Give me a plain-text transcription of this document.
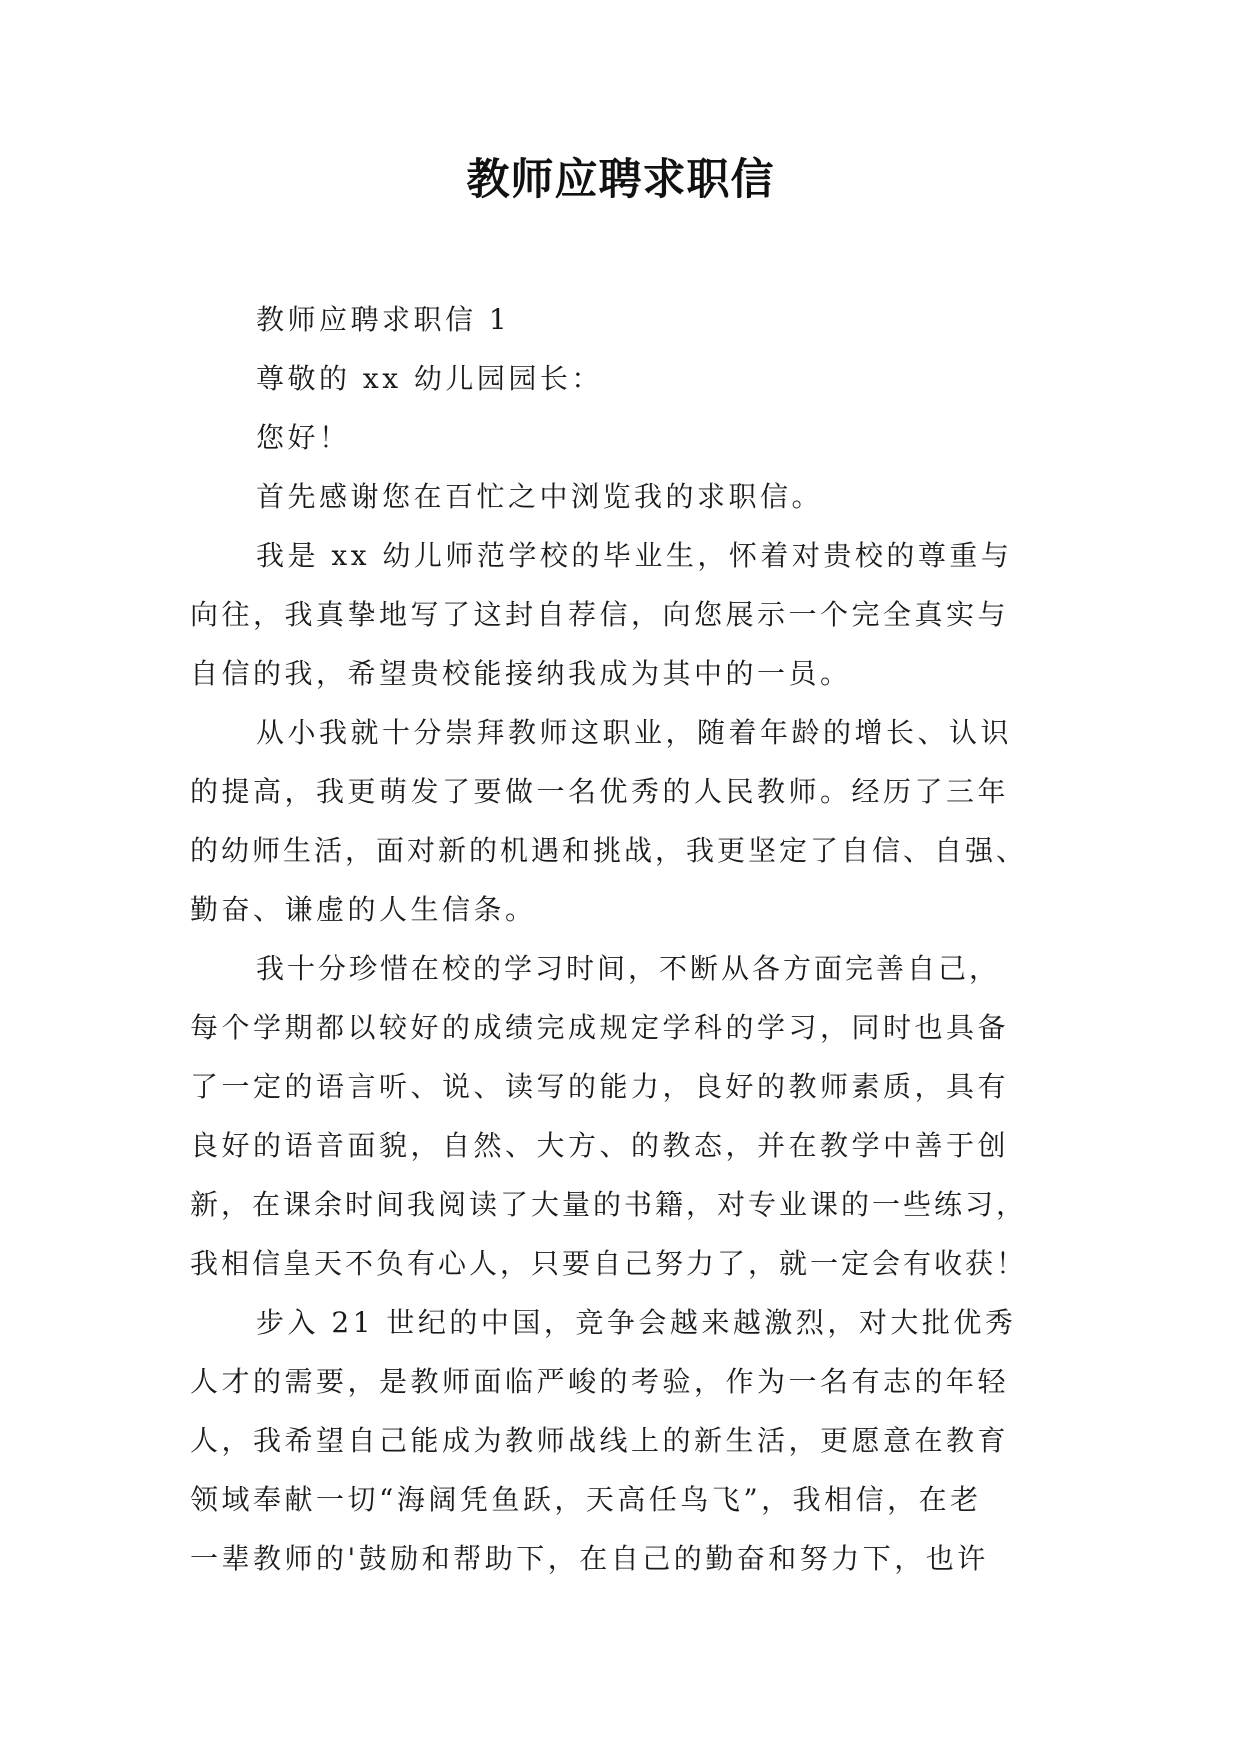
教师应聘求职信
教师应聘求职信 1
尊敬的 xx 幼儿园园长：
您好！
首先感谢您在百忙之中浏览我的求职信。
我是 xx 幼儿师范学校的毕业生，怀着对贵校的尊重与
向往，我真挚地写了这封自荐信，向您展示一个完全真实与
自信的我，希望贵校能接纳我成为其中的一员。
从小我就十分崇拜教师这职业，随着年龄的增长、认识
的提高，我更萌发了要做一名优秀的人民教师。经历了三年
的幼师生活，面对新的机遇和挑战，我更坚定了自信、自强、
勤奋、谦虚的人生信条。
我十分珍惜在校的学习时间，不断从各方面完善自己，
每个学期都以较好的成绩完成规定学科的学习，同时也具备
了一定的语言听、说、读写的能力，良好的教师素质，具有
良好的语音面貌，自然、大方、的教态，并在教学中善于创
新，在课余时间我阅读了大量的书籍，对专业课的一些练习，
我相信皇天不负有心人，只要自己努力了，就一定会有收获！
步入 21 世纪的中国，竞争会越来越激烈，对大批优秀
人才的需要，是教师面临严峻的考验，作为一名有志的年轻
人，我希望自己能成为教师战线上的新生活，更愿意在教育
领域奉献一切“海阔凭鱼跃，天高任鸟飞”，我相信，在老
一辈教师的'鼓励和帮助下，在自己的勤奋和努力下，也许
